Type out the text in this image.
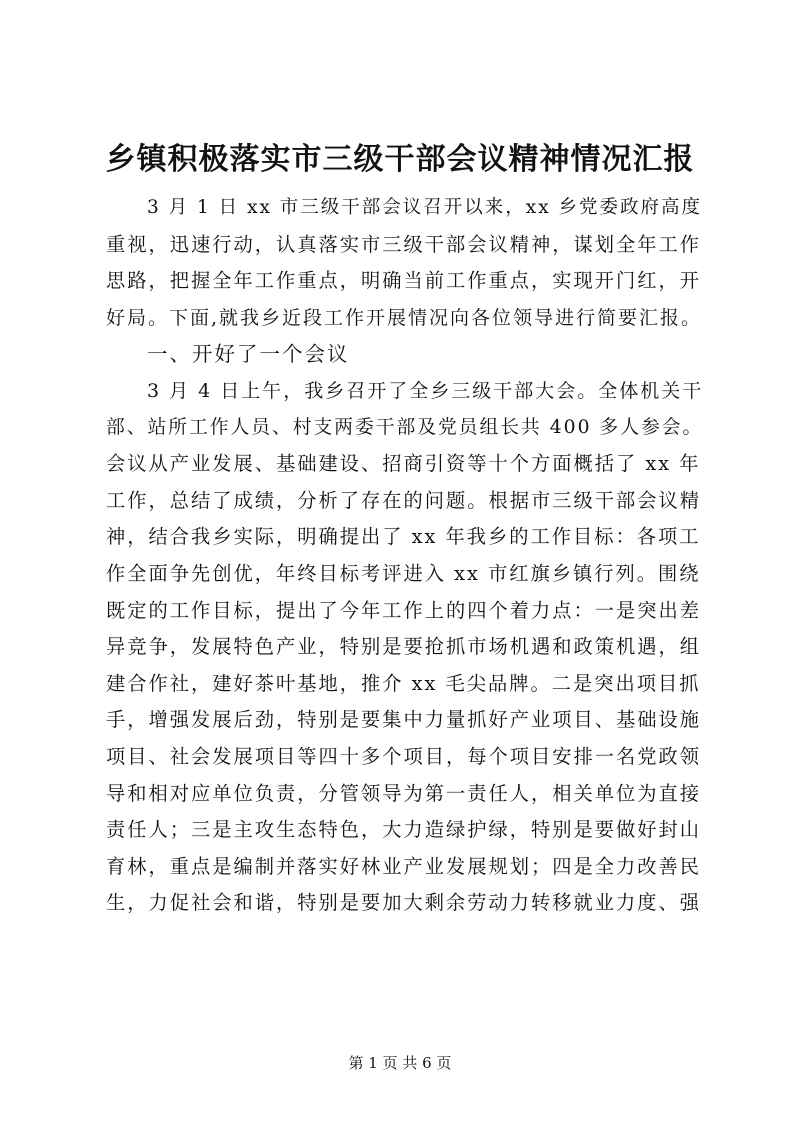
乡镇积极落实市三级干部会议精神情况汇报

3 月 1 日 xx 市三级干部会议召开以来，xx 乡党委政府高度

重视，迅速行动，认真落实市三级干部会议精神，谋划全年工作

思路，把握全年工作重点，明确当前工作重点，实现开门红，开

好局。下面,就我乡近段工作开展情况向各位领导进行简要汇报。

一、开好了一个会议

3 月 4 日上午，我乡召开了全乡三级干部大会。全体机关干

部、站所工作人员、村支两委干部及党员组长共 400 多人参会。

会议从产业发展、基础建设、招商引资等十个方面概括了 xx 年

工作，总结了成绩，分析了存在的问题。根据市三级干部会议精

神，结合我乡实际，明确提出了 xx 年我乡的工作目标：各项工

作全面争先创优，年终目标考评进入 xx 市红旗乡镇行列。围绕

既定的工作目标，提出了今年工作上的四个着力点：一是突出差

异竞争，发展特色产业，特别是要抢抓市场机遇和政策机遇，组

建合作社，建好茶叶基地，推介 xx 毛尖品牌。二是突出项目抓

手，增强发展后劲，特别是要集中力量抓好产业项目、基础设施

项目、社会发展项目等四十多个项目，每个项目安排一名党政领

导和相对应单位负责，分管领导为第一责任人，相关单位为直接

责任人；三是主攻生态特色，大力造绿护绿，特别是要做好封山

育林，重点是编制并落实好林业产业发展规划；四是全力改善民

生，力促社会和谐，特别是要加大剩余劳动力转移就业力度、强

第 1 页 共 6 页
